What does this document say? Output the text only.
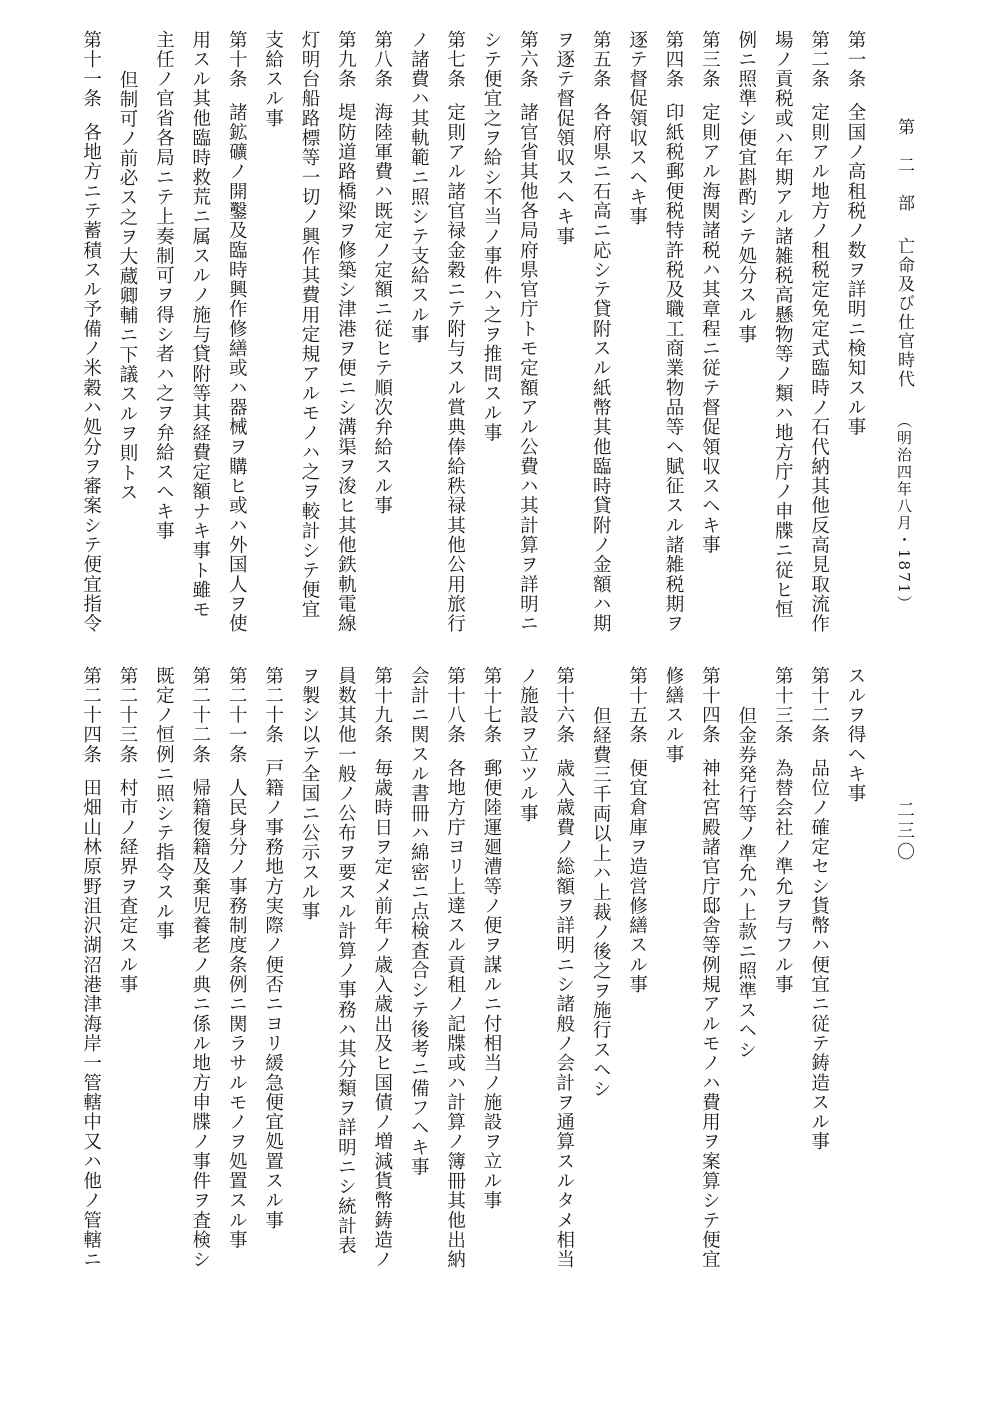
第　二　部亡命及び仕官時代（明治四年八月・1871）
二三〇
第一条全国ノ高租税ノ数ヲ詳明ニ検知スル事
第二条定則アル地方ノ租税定免定式臨時ノ石代納其他反高見取流作
場ノ貢税或ハ年期アル諸雑税高懸物等ノ類ハ地方庁ノ申牒ニ従ヒ恒
例ニ照準シ便宜斟酌シテ処分スル事
第三条定則アル海関諸税ハ其章程ニ従テ督促領収スヘキ事
第四条印紙税郵便税特許税及職工商業物品等ヘ賦征スル諸雑税期ヲ
逐テ督促領収スヘキ事
第五条各府県ニ石高ニ応シテ貸附スル紙幣其他臨時貸附ノ金額ハ期
ヲ逐テ督促領収スヘキ事
第六条諸官省其他各局府県官庁トモ定額アル公費ハ其計算ヲ詳明ニ
シテ便宜之ヲ給シ不当ノ事件ハ之ヲ推問スル事
第七条定則アル諸官禄金穀ニテ附与スル賞典俸給秩禄其他公用旅行
ノ諸費ハ其軌範ニ照シテ支給スル事
第八条海陸軍費ハ既定ノ定額ニ従ヒテ順次弁給スル事
第九条堤防道路橋梁ヲ修築シ津港ヲ便ニシ溝渠ヲ浚ヒ其他鉄軌電線
灯明台船路標等一切ノ興作其費用定規アルモノハ之ヲ較計シテ便宜
支給スル事
第十条諸鉱礦ノ開鑿及臨時興作修繕或ハ器械ヲ購ヒ或ハ外国人ヲ使
用スル其他臨時救荒ニ属スルノ施与貸附等其経費定額ナキ事ト雖モ
主任ノ官省各局ニテ上奏制可ヲ得シ者ハ之ヲ弁給スヘキ事
但制可ノ前必ス之ヲ大蔵卿輔ニ下議スルヲ則トス
第十一条各地方ニテ蓄積スル予備ノ米穀ハ処分ヲ審案シテ便宜指令
スルヲ得ヘキ事
第十二条品位ノ確定セシ貨幣ハ便宜ニ従テ鋳造スル事
第十三条為替会社ノ準允ヲ与フル事
但金券発行等ノ準允ハ上款ニ照準スヘシ
第十四条神社宮殿諸官庁邸舎等例規アルモノハ費用ヲ案算シテ便宜
修繕スル事
第十五条便宜倉庫ヲ造営修繕スル事
但経費三千両以上ハ上裁ノ後之ヲ施行スヘシ
第十六条歳入歳費ノ総額ヲ詳明ニシ諸般ノ会計ヲ通算スルタメ相当
ノ施設ヲ立ツル事
第十七条郵便陸運廻漕等ノ便ヲ謀ルニ付相当ノ施設ヲ立ル事
第十八条各地方庁ヨリ上達スル貢租ノ記牒或ハ計算ノ簿冊其他出納
会計ニ関スル書冊ハ綿密ニ点検査合シテ後考ニ備フヘキ事
第十九条毎歳時日ヲ定メ前年ノ歳入歳出及ヒ国債ノ増減貨幣鋳造ノ
員数其他一般ノ公布ヲ要スル計算ノ事務ハ其分類ヲ詳明ニシ統計表
ヲ製シ以テ全国ニ公示スル事
第二十条戸籍ノ事務地方実際ノ便否ニヨリ緩急便宜処置スル事
第二十一条人民身分ノ事務制度条例ニ関ラサルモノヲ処置スル事
第二十二条帰籍復籍及棄児養老ノ典ニ係ル地方申牒ノ事件ヲ査検シ
既定ノ恒例ニ照シテ指令スル事
第二十三条村市ノ経界ヲ査定スル事
第二十四条田畑山林原野沮沢湖沼港津海岸一管轄中又ハ他ノ管轄ニ
